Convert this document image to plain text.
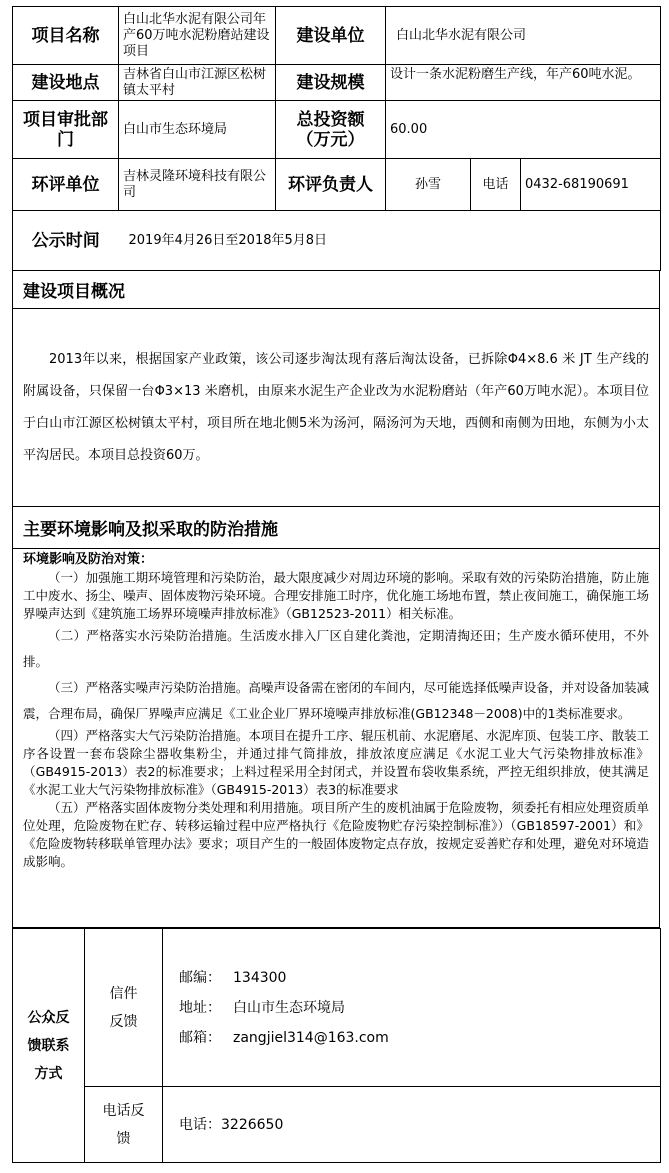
项目名称	白山北华水泥有限公司年产60万吨水泥粉磨站建设项目	建设单位	白山北华水泥有限公司		
建设地点	吉林省白山市江源区松树镇太平村	建设规模	设计一条水泥粉磨生产线，年产60吨水泥。		
项目审批部门	白山市生态环境局	总投资额（万元）	60.00		
环评单位	吉林灵隆环境科技有限公司	环评负责人	孙雪	电话	0432-68190691
公示时间	2019年4月26日至2018年5月8日				
建设项目概况

2013年以来，根据国家产业政策，该公司逐步淘汰现有落后淘汰设备，已拆除Φ4×8.6 米 JT 生产线的附属设备，只保留一台Φ3×13 米磨机，由原来水泥生产企业改为水泥粉磨站（年产60万吨水泥）。本项目位于白山市江源区松树镇太平村，项目所在地北侧5米为汤河，隔汤河为天地，西侧和南侧为田地，东侧为小太平沟居民。本项目总投资60万。

主要环境影响及拟采取的防治措施

环境影响及防治对策：

（一）加强施工期环境管理和污染防治，最大限度减少对周边环境的影响。采取有效的污染防治措施，防止施工中废水、扬尘、噪声、固体废物污染环境。合理安排施工时序，优化施工场地布置，禁止夜间施工，确保施工场界噪声达到《建筑施工场界环境噪声排放标准》（GB12523-2011）相关标准。

（二）严格落实水污染防治措施。生活废水排入厂区自建化粪池，定期清掏还田；生产废水循环使用，不外排。

（三）严格落实噪声污染防治措施。高噪声设备需在密闭的车间内，尽可能选择低噪声设备，并对设备加装减震，合理布局，确保厂界噪声应满足《工业企业厂界环境噪声排放标准(GB12348－2008)中的1类标准要求。

（四）严格落实大气污染防治措施。本项目在提升工序、辊压机前、水泥磨尾、水泥库顶、包装工序、散装工序各设置一套布袋除尘器收集粉尘，并通过排气筒排放，排放浓度应满足《水泥工业大气污染物排放标准》（GB4915-2013）表2的标准要求；上料过程采用全封闭式，并设置布袋收集系统，严控无组织排放，使其满足《水泥工业大气污染物排放标准》（GB4915-2013）表3的标准要求

（五）严格落实固体废物分类处理和利用措施。项目所产生的废机油属于危险废物，须委托有相应处理资质单位处理，危险废物在贮存、转移运输过程中应严格执行《危险废物贮存污染控制标准》）（GB18597-2001）和》《危险废物转移联单管理办法》要求；项目产生的一般固体废物定点存放，按规定妥善贮存和处理，避免对环境造成影响。

公众反馈联系方式	信件反馈	邮编： 134300
地址： 白山市生态环境局
邮箱： zangjiel314@163.com

	电话反馈	电话：3226650
